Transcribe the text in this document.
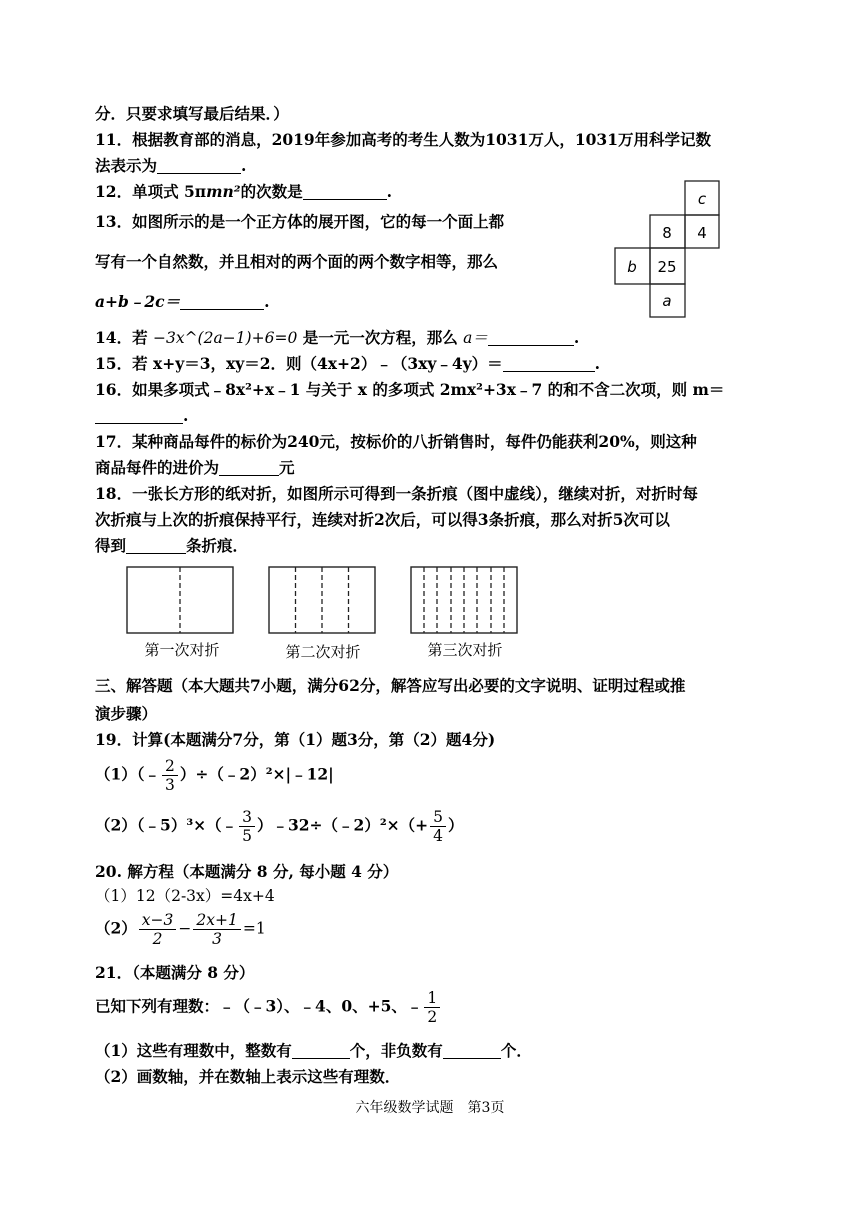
分．只要求填写最后结果．）
11．根据教育部的消息，2019年参加高考的考生人数为1031万人，1031万用科学记数
法表示为	.
12．单项式 5πmn²的次数是	.
13．如图所示的是一个正方体的展开图，它的每一个面上都
写有一个自然数，并且相对的两个面的两个数字相等，那么
a+b﹣2c＝	.
c
8 4
b 25
a
14．若 −3x^(2a−1)+6=0 是一元一次方程，那么 a＝	.
15．若 x+y＝3，xy＝2．则（4x+2）﹣（3xy﹣4y）＝	.
16．如果多项式﹣8x²+x﹣1 与关于 x 的多项式 2mx²+3x﹣7 的和不含二次项，则 m＝
.
17．某种商品每件的标价为240元，按标价的八折销售时，每件仍能获利20%，则这种
商品每件的进价为	元
18．一张长方形的纸对折，如图所示可得到一条折痕（图中虚线），继续对折，对折时每
次折痕与上次的折痕保持平行，连续对折2次后，可以得3条折痕，那么对折5次可以
得到	条折痕．
第一次对折	第二次对折	第三次对折
三、解答题（本大题共7小题，满分62分，解答应写出必要的文字说明、证明过程或推
演步骤）
19．计算(本题满分7分，第（1）题3分，第（2）题4分)
（1）（﹣ $\frac{2}{3}$ ）÷（﹣2）²×|﹣12|
（2）（﹣5）³×（﹣ $\frac{3}{5}$ ）﹣32÷（﹣2）²×（+ $\frac{5}{4}$ ）
20. 解方程（本题满分 8 分, 每小题 4 分）
（1）12（2-3x）=4x+4
$(2) \frac{x-3}{2} - \frac{2x+1}{3} =1$
21．（本题满分 8 分）
已知下列有理数：﹣（﹣3）、﹣4、0、+5、﹣ $\frac{1}{2}$
（1）这些有理数中，整数有	个，非负数有	个．
（2）画数轴，并在数轴上表示这些有理数．
六年级数学试题　第3页
